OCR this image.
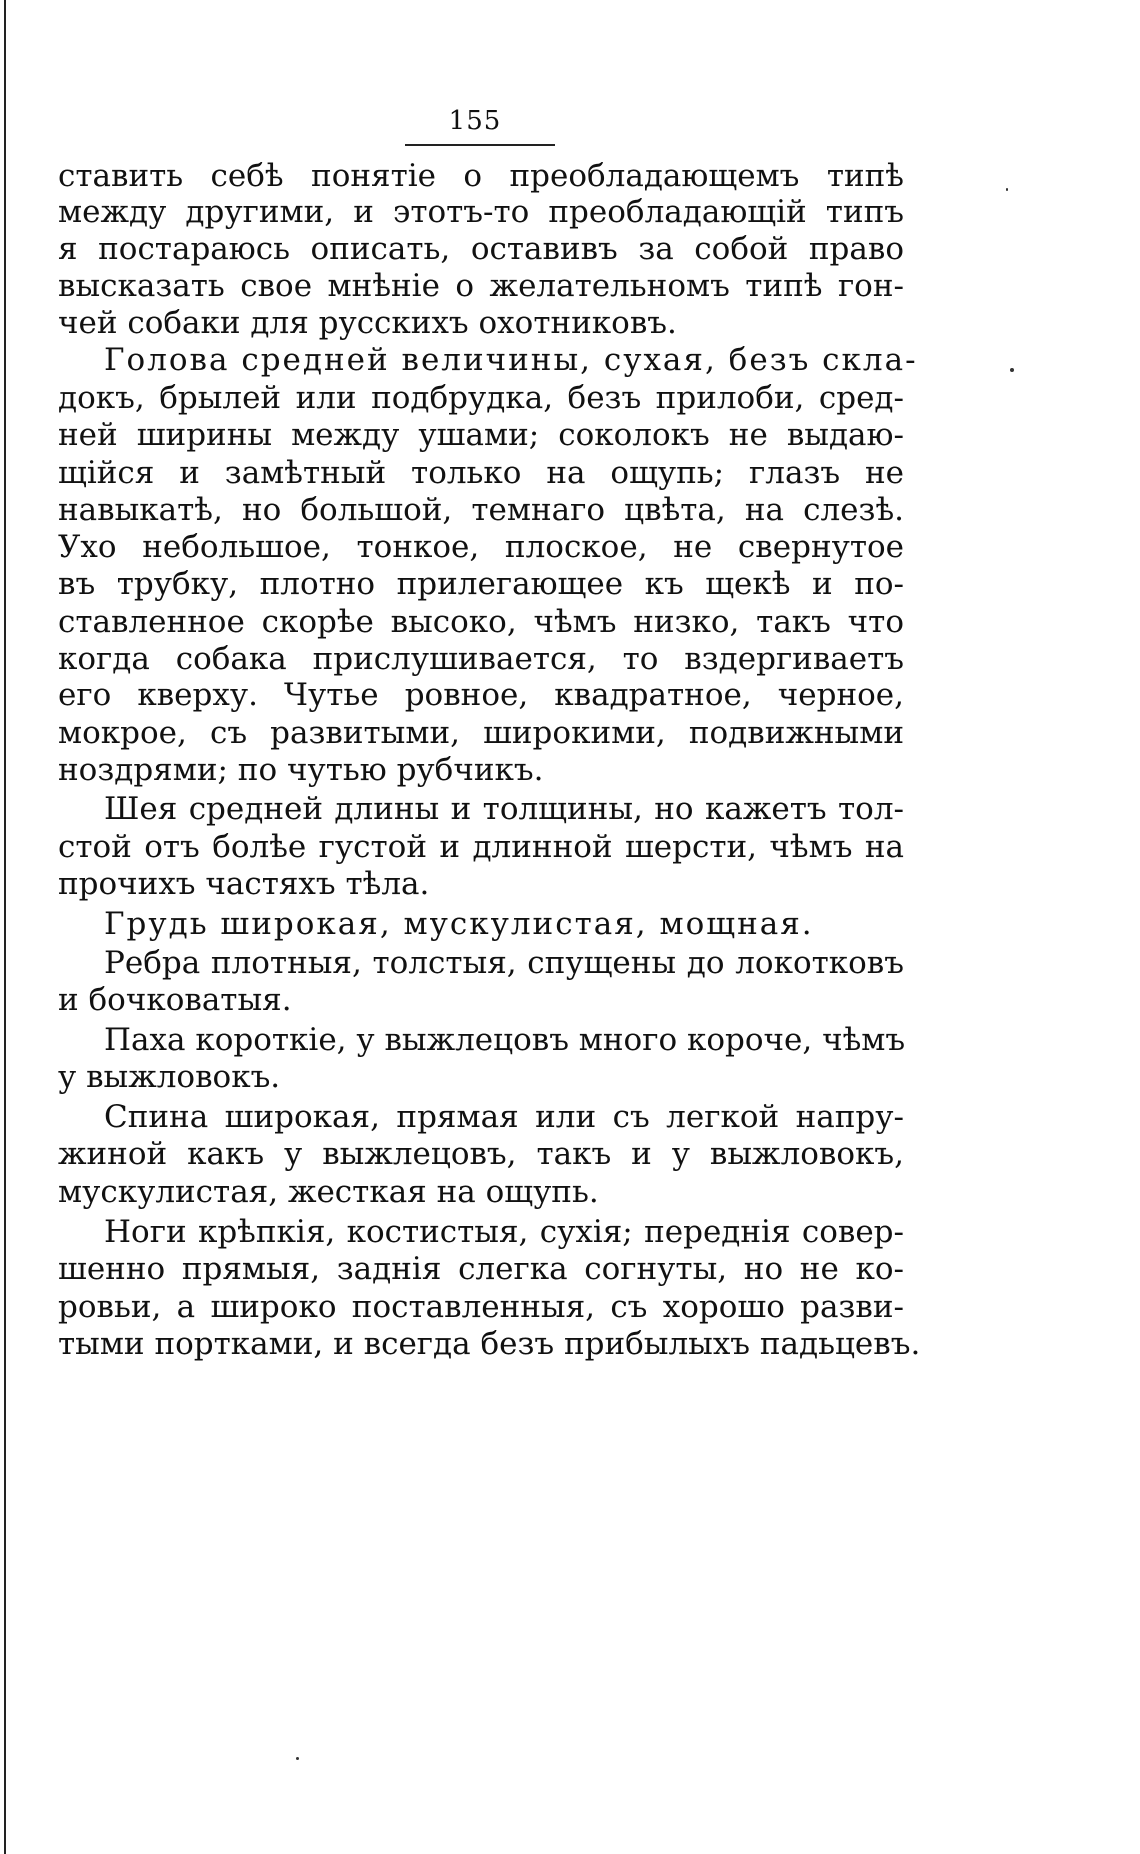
155
ставить себѣ понятіе о преобладающемъ типѣ
между другими, и этотъ-то преобладающій типъ
я постараюсь описать, оставивъ за собой право
высказать свое мнѣніе о желательномъ типѣ гон-
чей собаки для русскихъ охотниковъ.
Голова средней величины, сухая, безъ скла-
докъ, брылей или подбрудка, безъ прилоби, сред-
ней ширины между ушами; соколокъ не выдаю-
щійся и замѣтный только на ощупь; глазъ не
навыкатѣ, но большой, темнаго цвѣта, на слезѣ.
Ухо небольшое, тонкое, плоское, не свернутое
въ трубку, плотно прилегающее къ щекѣ и по-
ставленное скорѣе высоко, чѣмъ низко, такъ что
когда собака прислушивается, то вздергиваетъ
его кверху. Чутье ровное, квадратное, черное,
мокрое, съ развитыми, широкими, подвижными
ноздрями; по чутью рубчикъ.
Шея средней длины и толщины, но кажетъ тол-
стой отъ болѣе густой и длинной шерсти, чѣмъ на
прочихъ частяхъ тѣла.
Грудь широкая, мускулистая, мощная.
Ребра плотныя, толстыя, спущены до локотковъ
и бочковатыя.
Паха короткіе, у выжлецовъ много короче, чѣмъ
у выжловокъ.
Спина широкая, прямая или съ легкой напру-
жиной какъ у выжлецовъ, такъ и у выжловокъ,
мускулистая, жесткая на ощупь.
Ноги крѣпкія, костистыя, сухія; переднія совер-
шенно прямыя, заднія слегка согнуты, но не ко-
ровьи, а широко поставленныя, съ хорошо разви-
тыми портками, и всегда безъ прибылыхъ падьцевъ.
